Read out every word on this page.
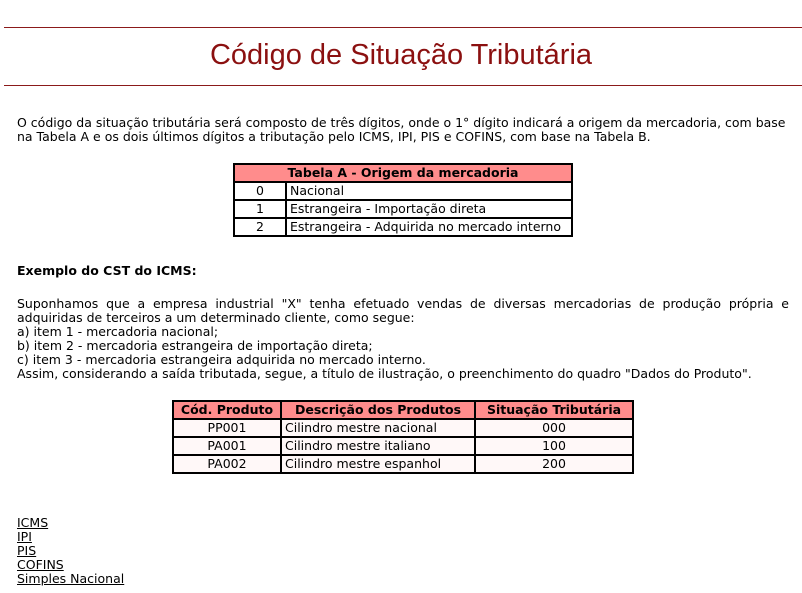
Código de Situação Tributária

O código da situação tributária será composto de três dígitos, onde o 1° dígito indicará a origem da mercadoria, com base na Tabela A e os dois últimos dígitos a tributação pelo ICMS, IPI, PIS e COFINS, com base na Tabela B.

Tabela A - Origem da mercadoria	
0	Nacional
1	Estrangeira - Importação direta
2	Estrangeira - Adquirida no mercado interno

Exemplo do CST do ICMS:

Suponhamos que a empresa industrial "X" tenha efetuado vendas de diversas mercadorias de produção própria e
adquiridas de terceiros a um determinado cliente, como segue:
a) item 1 - mercadoria nacional;
b) item 2 - mercadoria estrangeira de importação direta;
c) item 3 - mercadoria estrangeira adquirida no mercado interno.
Assim, considerando a saída tributada, segue, a título de ilustração, o preenchimento do quadro "Dados do Produto".
Cód. Produto	Descrição dos Produtos	Situação Tributária
PP001	Cilindro mestre nacional	000
PA001	Cilindro mestre italiano	100
PA002	Cilindro mestre espanhol	200
ICMS
IPI
PIS
COFINS
Simples Nacional
